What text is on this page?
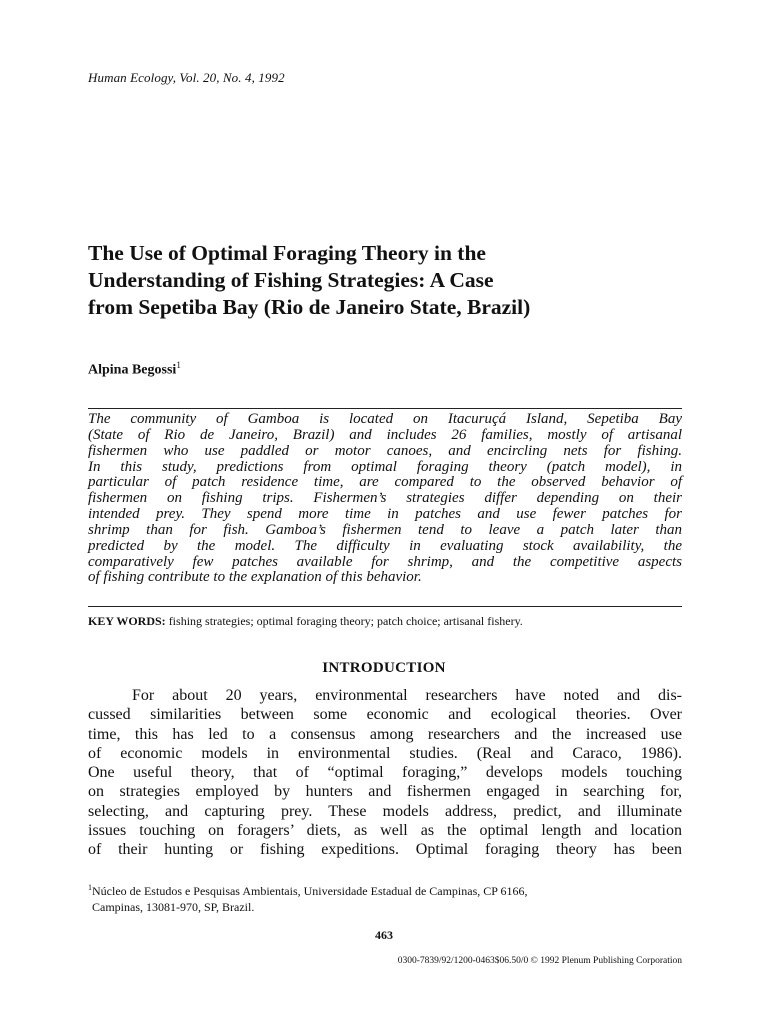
Human Ecology, Vol. 20, No. 4, 1992
The Use of Optimal Foraging Theory in the
Understanding of Fishing Strategies: A Case
from Sepetiba Bay (Rio de Janeiro State, Brazil)
Alpina Begossi$^1$
The community of Gamboa is located on Itacuruçá Island, Sepetiba Bay
(State of Rio de Janeiro, Brazil) and includes 26 families, mostly of artisanal
fishermen who use paddled or motor canoes, and encircling nets for fishing.
In this study, predictions from optimal foraging theory (patch model), in
particular of patch residence time, are compared to the observed behavior of
fishermen on fishing trips. Fishermen’s strategies differ depending on their
intended prey. They spend more time in patches and use fewer patches for
shrimp than for fish. Gamboa’s fishermen tend to leave a patch later than
predicted by the model. The difficulty in evaluating stock availability, the
comparatively few patches available for shrimp, and the competitive aspects
of fishing contribute to the explanation of this behavior.
KEY WORDS: fishing strategies; optimal foraging theory; patch choice; artisanal fishery.
INTRODUCTION
For about 20 years, environmental researchers have noted and dis-
cussed similarities between some economic and ecological theories. Over
time, this has led to a consensus among researchers and the increased use
of economic models in environmental studies. (Real and Caraco, 1986).
One useful theory, that of “optimal foraging,” develops models touching
on strategies employed by hunters and fishermen engaged in searching for,
selecting, and capturing prey. These models address, predict, and illuminate
issues touching on foragers’ diets, as well as the optimal length and location
of their hunting or fishing expeditions. Optimal foraging theory has been
$^1$Núcleo de Estudos e Pesquisas Ambientais, Universidade Estadual de Campinas, CP 6166,
Campinas, 13081-970, SP, Brazil.
463
0300-7839/92/1200-0463$06.50/0 © 1992 Plenum Publishing Corporation
